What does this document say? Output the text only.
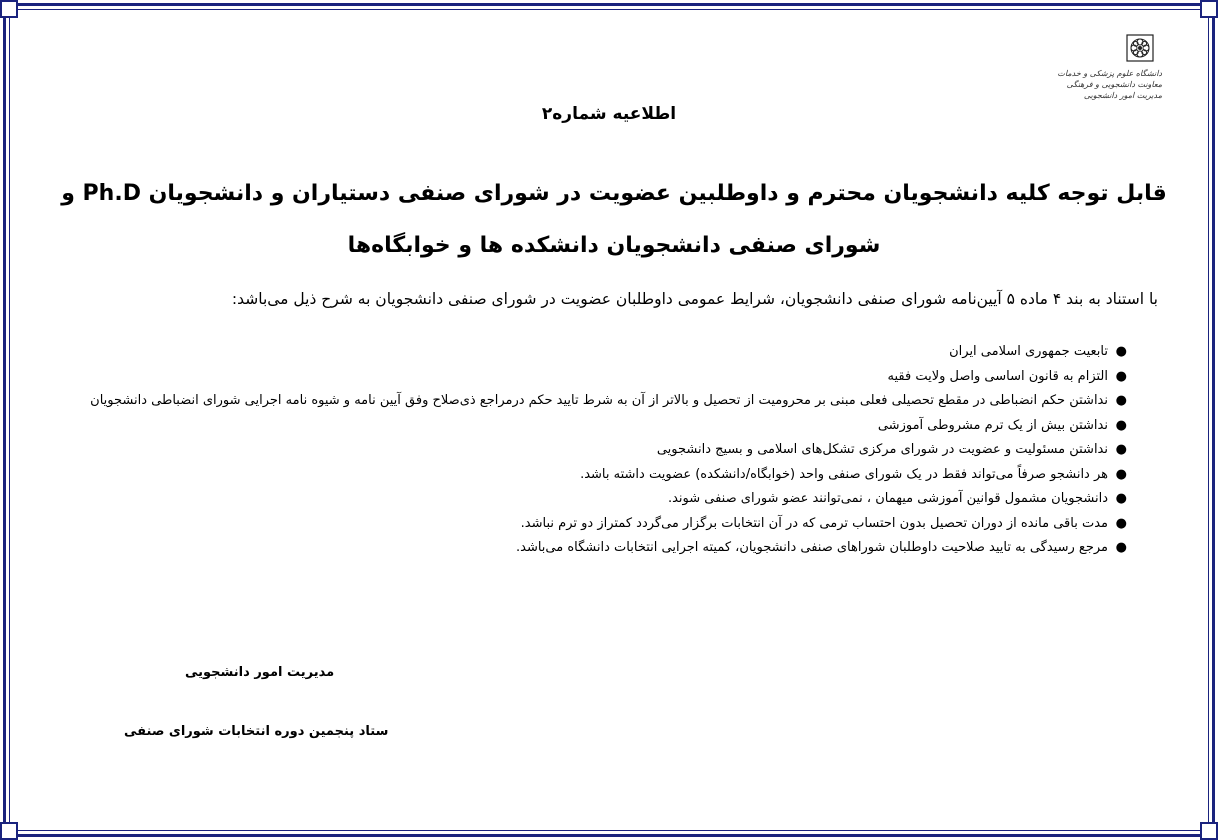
دانشگاه علوم پزشکی و خدمات
معاونت دانشجویی و فرهنگی
مدیریت امور دانشجویی
اطلاعیه شماره۲
قابل توجه کلیه دانشجویان محترم و داوطلبین عضویت در شورای صنفی دستیاران و دانشجویان Ph.D و شورای صنفی دانشجویان دانشکده ها و خوابگاه‌ها
با استناد به بند ۴ ماده ۵ آیین‌نامه شورای صنفی دانشجویان، شرایط عمومی داوطلبان عضویت در شورای صنفی دانشجویان به شرح ذیل می‌باشد:
●
تابعیت جمهوری اسلامی ایران
●
التزام به قانون اساسی واصل ولایت فقیه
●
نداشتن حکم انضباطی در مقطع تحصیلی فعلی مبنی بر محرومیت از تحصیل و بالاتر از آن به شرط تایید حکم درمراجع ذی‌صلاح وفق آیین نامه و شیوه نامه اجرایی شورای انضباطی دانشجویان
●
نداشتن بیش از یک ترم مشروطی آموزشی
●
نداشتن مسئولیت و عضویت در شورای مرکزی تشکل‌های اسلامی و بسیج دانشجویی
●
هر دانشجو صرفاً می‌تواند فقط در یک شورای صنفی واحد (خوابگاه/دانشکده) عضویت داشته باشد.
●
دانشجویان مشمول قوانین آموزشی میهمان ، نمی‌توانند عضو شورای صنفی شوند.
●
مدت باقی مانده از دوران تحصیل بدون احتساب ترمی که در آن انتخابات برگزار می‌گردد کمتراز دو ترم نباشد.
●
مرجع رسیدگی به تایید صلاحیت داوطلبان شوراهای صنفی دانشجویان، کمیته اجرایی انتخابات دانشگاه می‌باشد.
مدیریت امور دانشجویی
ستاد پنجمین دوره انتخابات شورای صنفی
